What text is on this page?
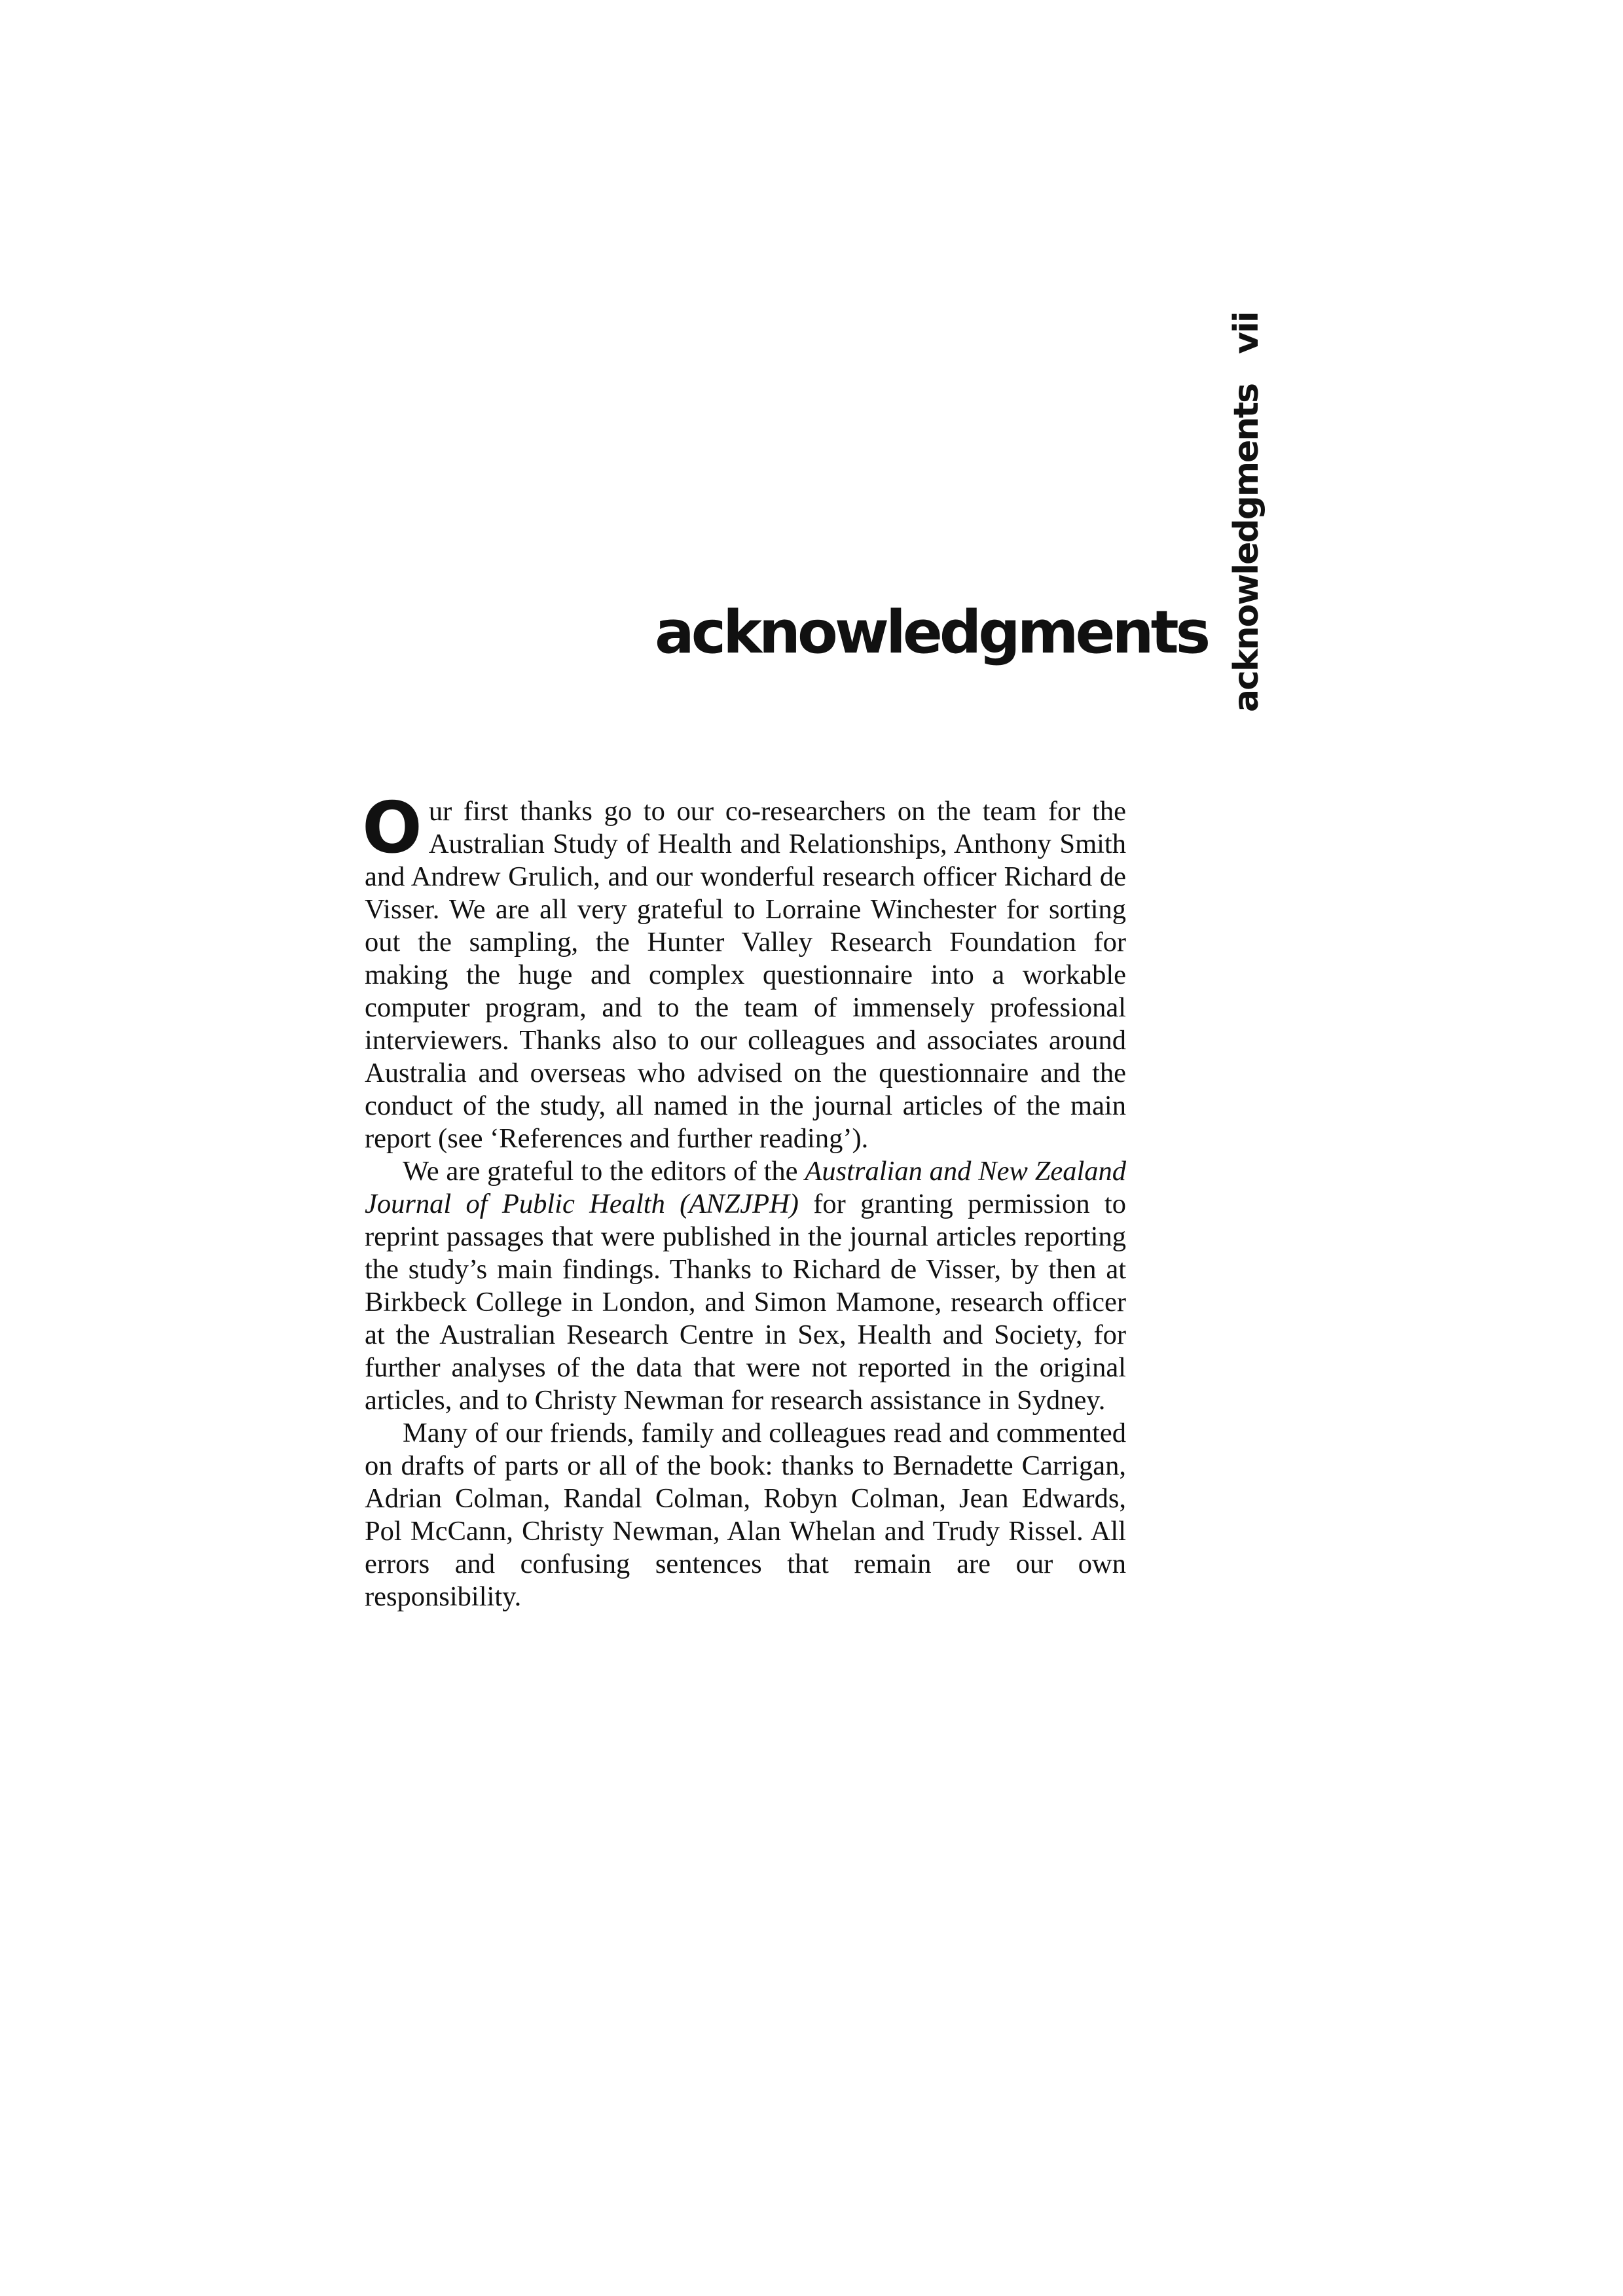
acknowledgmentsvii
acknowledgments

Our first thanks go to our co-researchers on the team for the Australian Study of Health and Relationships, Anthony Smith and Andrew Grulich, and our wonderful research officer Richard de Visser. We are all very grateful to Lorraine Winchester for sorting out the sampling, the Hunter Valley Research Foundation for making the huge and complex questionnaire into a workable computer program, and to the team of immensely professional interviewers. Thanks also to our colleagues and associates around Australia and overseas who advised on the questionnaire and the conduct of the study, all named in the journal articles of the main report (see ‘References and further reading’).

We are grateful to the editors of the Australian and New Zealand Journal of Public Health (ANZJPH) for granting permission to reprint passages that were published in the journal articles reporting the study’s main findings. Thanks to Richard de Visser, by then at Birkbeck College in London, and Simon Mamone, research officer at the Australian Research Centre in Sex, Health and Society, for further analyses of the data that were not reported in the original articles, and to Christy Newman for research assistance in Sydney.

Many of our friends, family and colleagues read and commented on drafts of parts or all of the book: thanks to Bernadette Carrigan, Adrian Colman, Randal Colman, Robyn Colman, Jean Edwards, Pol McCann, Christy Newman, Alan Whelan and Trudy Rissel. All errors and confusing sentences that remain are our own responsibility.
